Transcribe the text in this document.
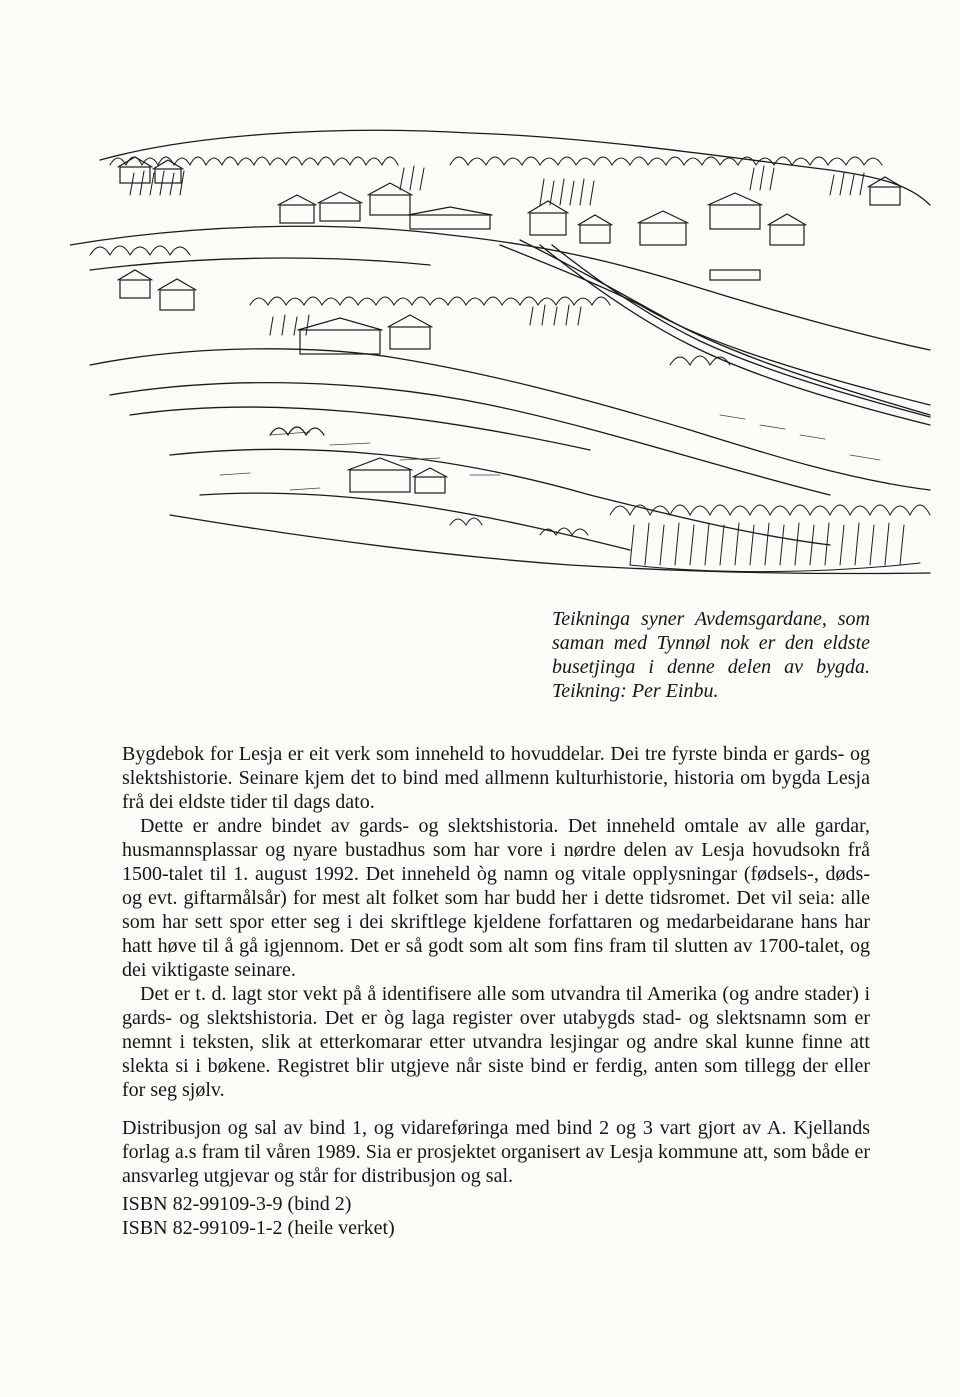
Teikninga syner Avdemsgardane, som saman med Tynnøl nok er den eldste busetjinga i denne delen av bygda. Teikning: Per Einbu.

Bygdebok for Lesja er eit verk som inneheld to hovuddelar. Dei tre fyrste binda er gards- og slektshistorie. Seinare kjem det to bind med allmenn kulturhistorie, historia om bygda Lesja frå dei eldste tider til dags dato.

Dette er andre bindet av gards- og slektshistoria. Det inneheld omtale av alle gardar, husmannsplassar og nyare bustadhus som har vore i nørdre delen av Lesja hovudsokn frå 1500-talet til 1. august 1992. Det inneheld òg namn og vitale opplysningar (fødsels-, døds- og evt. giftarmålsår) for mest alt folket som har budd her i dette tidsromet. Det vil seia: alle som har sett spor etter seg i dei skriftlege kjeldene forfattaren og medarbeidarane hans har hatt høve til å gå igjennom. Det er så godt som alt som fins fram til slutten av 1700-talet, og dei viktigaste seinare.

Det er t. d. lagt stor vekt på å identifisere alle som utvandra til Amerika (og andre stader) i gards- og slektshistoria. Det er òg laga register over utabygds stad- og slektsnamn som er nemnt i teksten, slik at etterkomarar etter utvandra lesjingar og andre skal kunne finne att slekta si i bøkene. Registret blir utgjeve når siste bind er ferdig, anten som tillegg der eller for seg sjølv.

Distribusjon og sal av bind 1, og vidareføringa med bind 2 og 3 vart gjort av A. Kjellands forlag a.s fram til våren 1989. Sia er prosjektet organisert av Lesja kommune att, som både er ansvarleg utgjevar og står for distribusjon og sal.

ISBN 82-99109-3-9 (bind 2)
ISBN 82-99109-1-2 (heile verket)
